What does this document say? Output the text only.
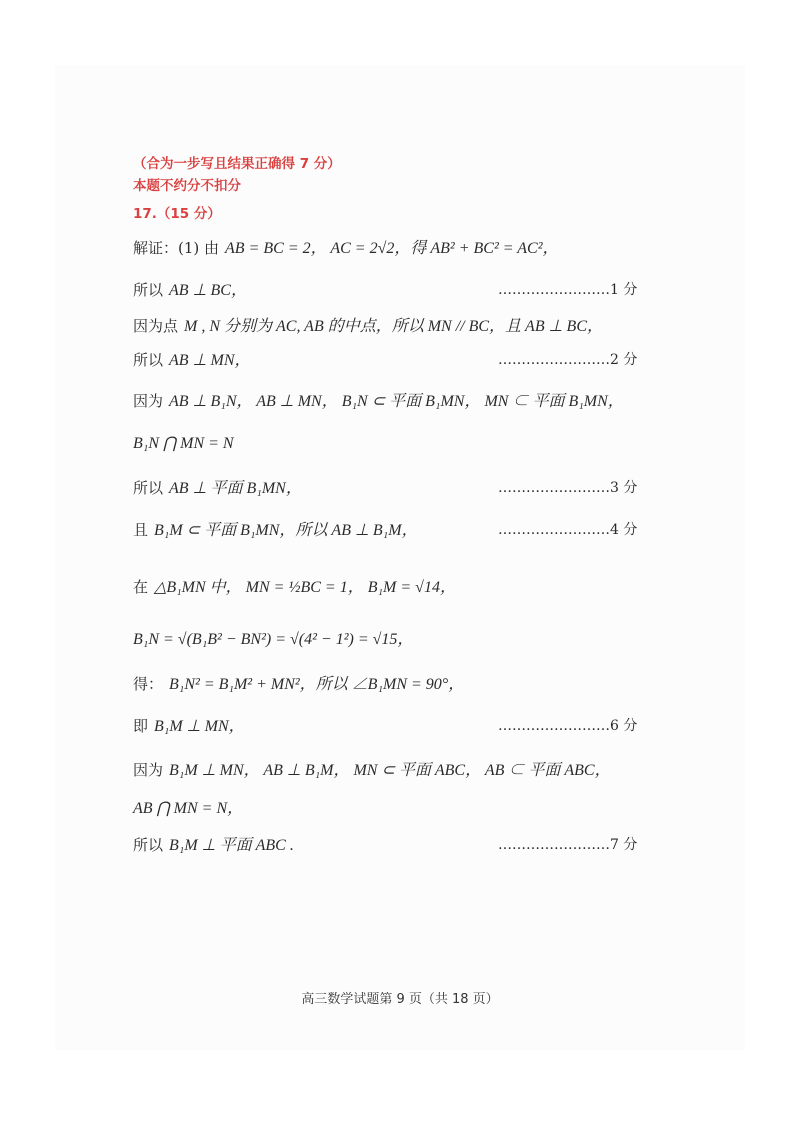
（合为一步写且结果正确得 7 分）
本题不约分不扣分
17.（15 分）
解证：(1) 由 AB = BC = 2， AC = 2√2，得 AB² + BC² = AC²，
所以 AB ⊥ BC，	……………………1 分
因为点 M , N 分别为 AC, AB 的中点，所以 MN // BC，且 AB ⊥ BC，
所以 AB ⊥ MN，	……………………2 分
因为 AB ⊥ B₁N， AB ⊥ MN， B₁N ⊂ 平面 B₁MN， MN ⊂ 平面 B₁MN，
B₁N ⋂ MN = N
所以 AB ⊥ 平面 B₁MN，	……………………3 分
且 B₁M ⊂ 平面 B₁MN，所以 AB ⊥ B₁M，	……………………4 分
在 △B₁MN 中， MN = ½BC = 1， B₁M = √14，
B₁N = √(B₁B² − BN²) = √(4² − 1²) = √15，
得： B₁N² = B₁M² + MN²，所以 ∠B₁MN = 90°，
即 B₁M ⊥ MN，	……………………6 分
因为 B₁M ⊥ MN， AB ⊥ B₁M， MN ⊂ 平面 ABC， AB ⊂ 平面 ABC，
AB ⋂ MN = N，
所以 B₁M ⊥ 平面 ABC .	……………………7 分
高三数学试题第 9 页（共 18 页）
